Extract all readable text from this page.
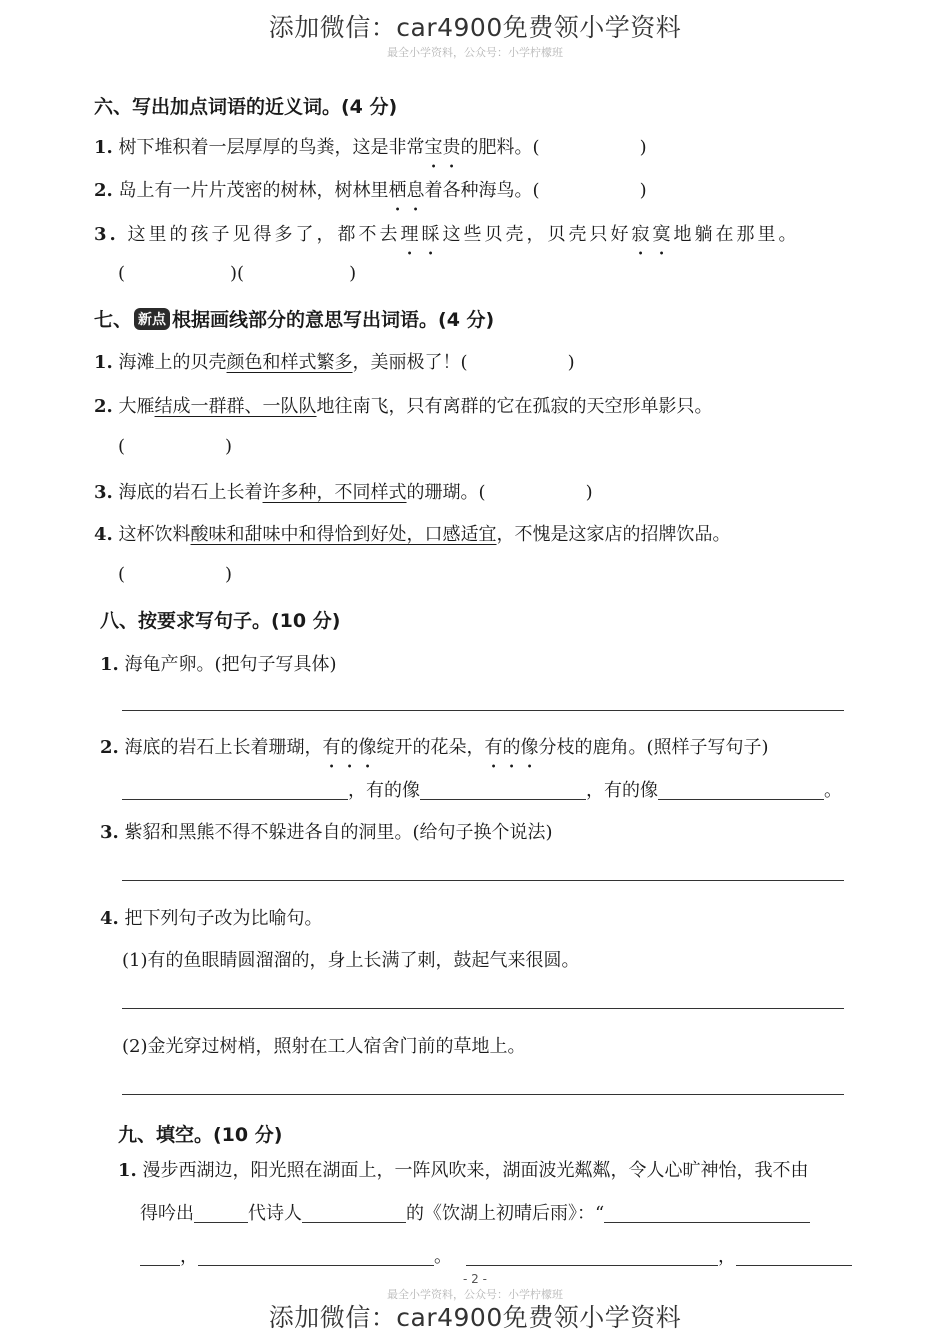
添加微信：car4900免费领小学资料
最全小学资料，公众号：小学柠檬班
六、写出加点词语的近义词。(4 分)
1. 树下堆积着一层厚厚的鸟粪，这是非常宝贵的肥料。(	)
2. 岛上有一片片茂密的树林，树林里栖息着各种海鸟。(	)
3. 这里的孩子见得多了，都不去理睬这些贝壳，贝壳只好寂寞地躺在那里。
(	)(	)
七、 新点 根据画线部分的意思写出词语。(4 分)
1. 海滩上的贝壳颜色和样式繁多，美丽极了！(	)
2. 大雁结成一群群、一队队地往南飞，只有离群的它在孤寂的天空形单影只。
(	)
3. 海底的岩石上长着许多种，不同样式的珊瑚。(	)
4. 这杯饮料酸味和甜味中和得恰到好处，口感适宜，不愧是这家店的招牌饮品。
(	)
八、按要求写句子。(10 分)
1. 海龟产卵。(把句子写具体)
2. 海底的岩石上长着珊瑚，有的像绽开的花朵，有的像分枝的鹿角。(照样子写句子)
，有的像	，有的像	。
3. 紫貂和黑熊不得不躲进各自的洞里。(给句子换个说法)
4. 把下列句子改为比喻句。
(1)有的鱼眼睛圆溜溜的，身上长满了刺，鼓起气来很圆。
(2)金光穿过树梢，照射在工人宿舍门前的草地上。
九、填空。(10 分)
1. 漫步西湖边，阳光照在湖面上，一阵风吹来，湖面波光粼粼，令人心旷神怡，我不由
得吟出	代诗人	的《饮湖上初晴后雨》：“
，	。	，
- 2 -
最全小学资料，公众号：小学柠檬班
添加微信：car4900免费领小学资料
